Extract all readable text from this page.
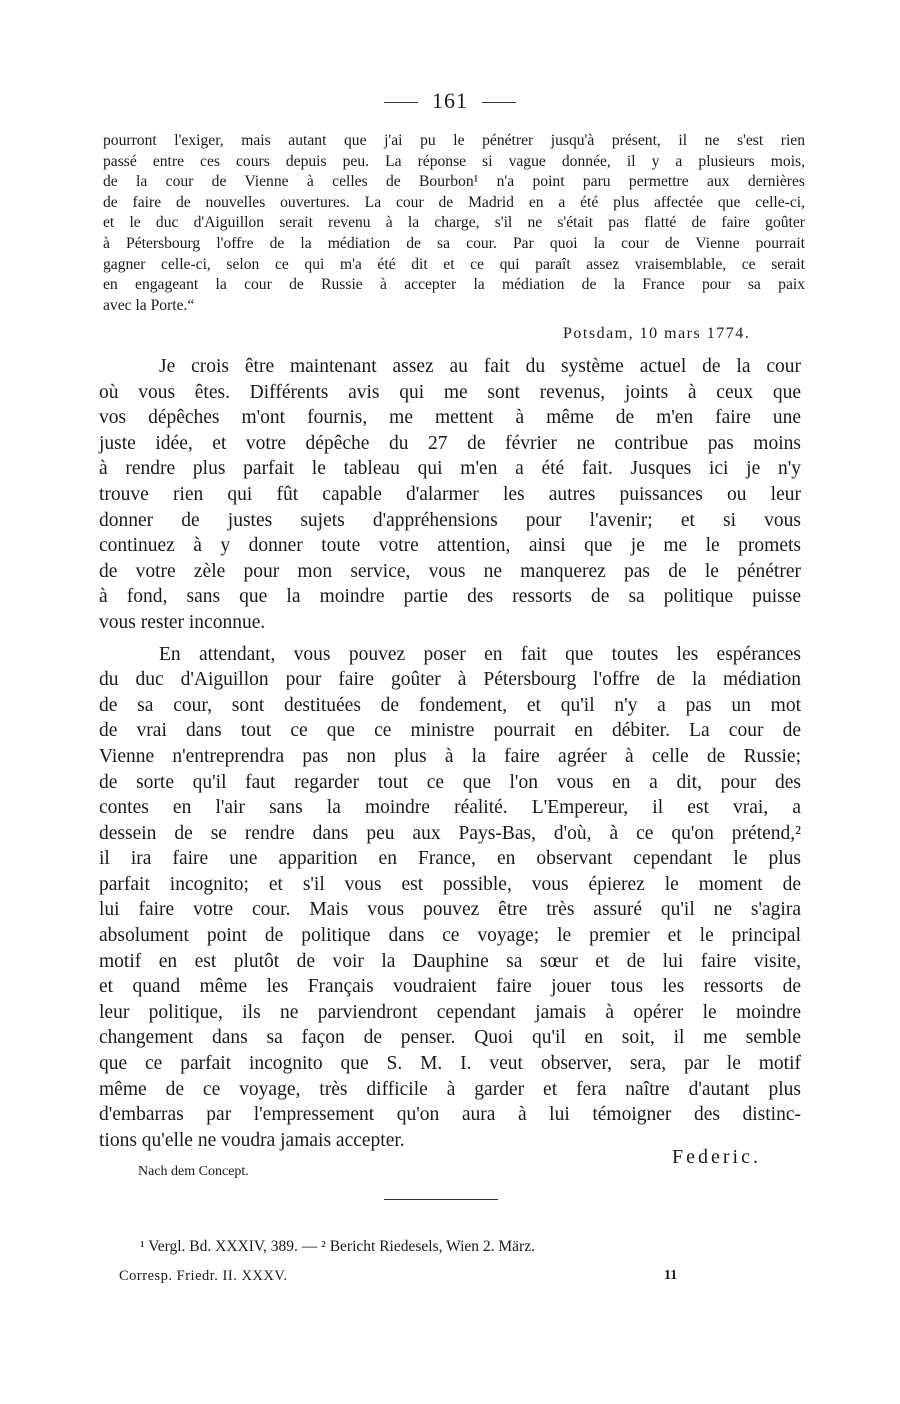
161
pourront l'exiger, mais autant que j'ai pu le pénétrer jusqu'à présent, il ne s'est rien
passé entre ces cours depuis peu. La réponse si vague donnée, il y a plusieurs mois,
de la cour de Vienne à celles de Bourbon¹ n'a point paru permettre aux dernières
de faire de nouvelles ouvertures. La cour de Madrid en a été plus affectée que celle-ci,
et le duc d'Aiguillon serait revenu à la charge, s'il ne s'était pas flatté de faire goûter
à Pétersbourg l'offre de la médiation de sa cour. Par quoi la cour de Vienne pourrait
gagner celle-ci, selon ce qui m'a été dit et ce qui paraît assez vraisemblable, ce serait
en engageant la cour de Russie à accepter la médiation de la France pour sa paix
avec la Porte.“
Potsdam, 10 mars 1774.
Je crois être maintenant assez au fait du système actuel de la cour
où vous êtes. Différents avis qui me sont revenus, joints à ceux que
vos dépêches m'ont fournis, me mettent à même de m'en faire une
juste idée, et votre dépêche du 27 de février ne contribue pas moins
à rendre plus parfait le tableau qui m'en a été fait. Jusques ici je n'y
trouve rien qui fût capable d'alarmer les autres puissances ou leur
donner de justes sujets d'appréhensions pour l'avenir; et si vous
continuez à y donner toute votre attention, ainsi que je me le promets
de votre zèle pour mon service, vous ne manquerez pas de le pénétrer
à fond, sans que la moindre partie des ressorts de sa politique puisse
vous rester inconnue.
En attendant, vous pouvez poser en fait que toutes les espérances
du duc d'Aiguillon pour faire goûter à Pétersbourg l'offre de la médiation
de sa cour, sont destituées de fondement, et qu'il n'y a pas un mot
de vrai dans tout ce que ce ministre pourrait en débiter. La cour de
Vienne n'entreprendra pas non plus à la faire agréer à celle de Russie;
de sorte qu'il faut regarder tout ce que l'on vous en a dit, pour des
contes en l'air sans la moindre réalité. L'Empereur, il est vrai, a
dessein de se rendre dans peu aux Pays-Bas, d'où, à ce qu'on prétend,²
il ira faire une apparition en France, en observant cependant le plus
parfait incognito; et s'il vous est possible, vous épierez le moment de
lui faire votre cour. Mais vous pouvez être très assuré qu'il ne s'agira
absolument point de politique dans ce voyage; le premier et le principal
motif en est plutôt de voir la Dauphine sa sœur et de lui faire visite,
et quand même les Français voudraient faire jouer tous les ressorts de
leur politique, ils ne parviendront cependant jamais à opérer le moindre
changement dans sa façon de penser. Quoi qu'il en soit, il me semble
que ce parfait incognito que S. M. I. veut observer, sera, par le motif
même de ce voyage, très difficile à garder et fera naître d'autant plus
d'embarras par l'empressement qu'on aura à lui témoigner des distinc-
tions qu'elle ne voudra jamais accepter.
Federic.
Nach dem Concept.
¹ Vergl. Bd. XXXIV, 389. — ² Bericht Riedesels, Wien 2. März.
Corresp. Friedr. II. XXXV.	11
